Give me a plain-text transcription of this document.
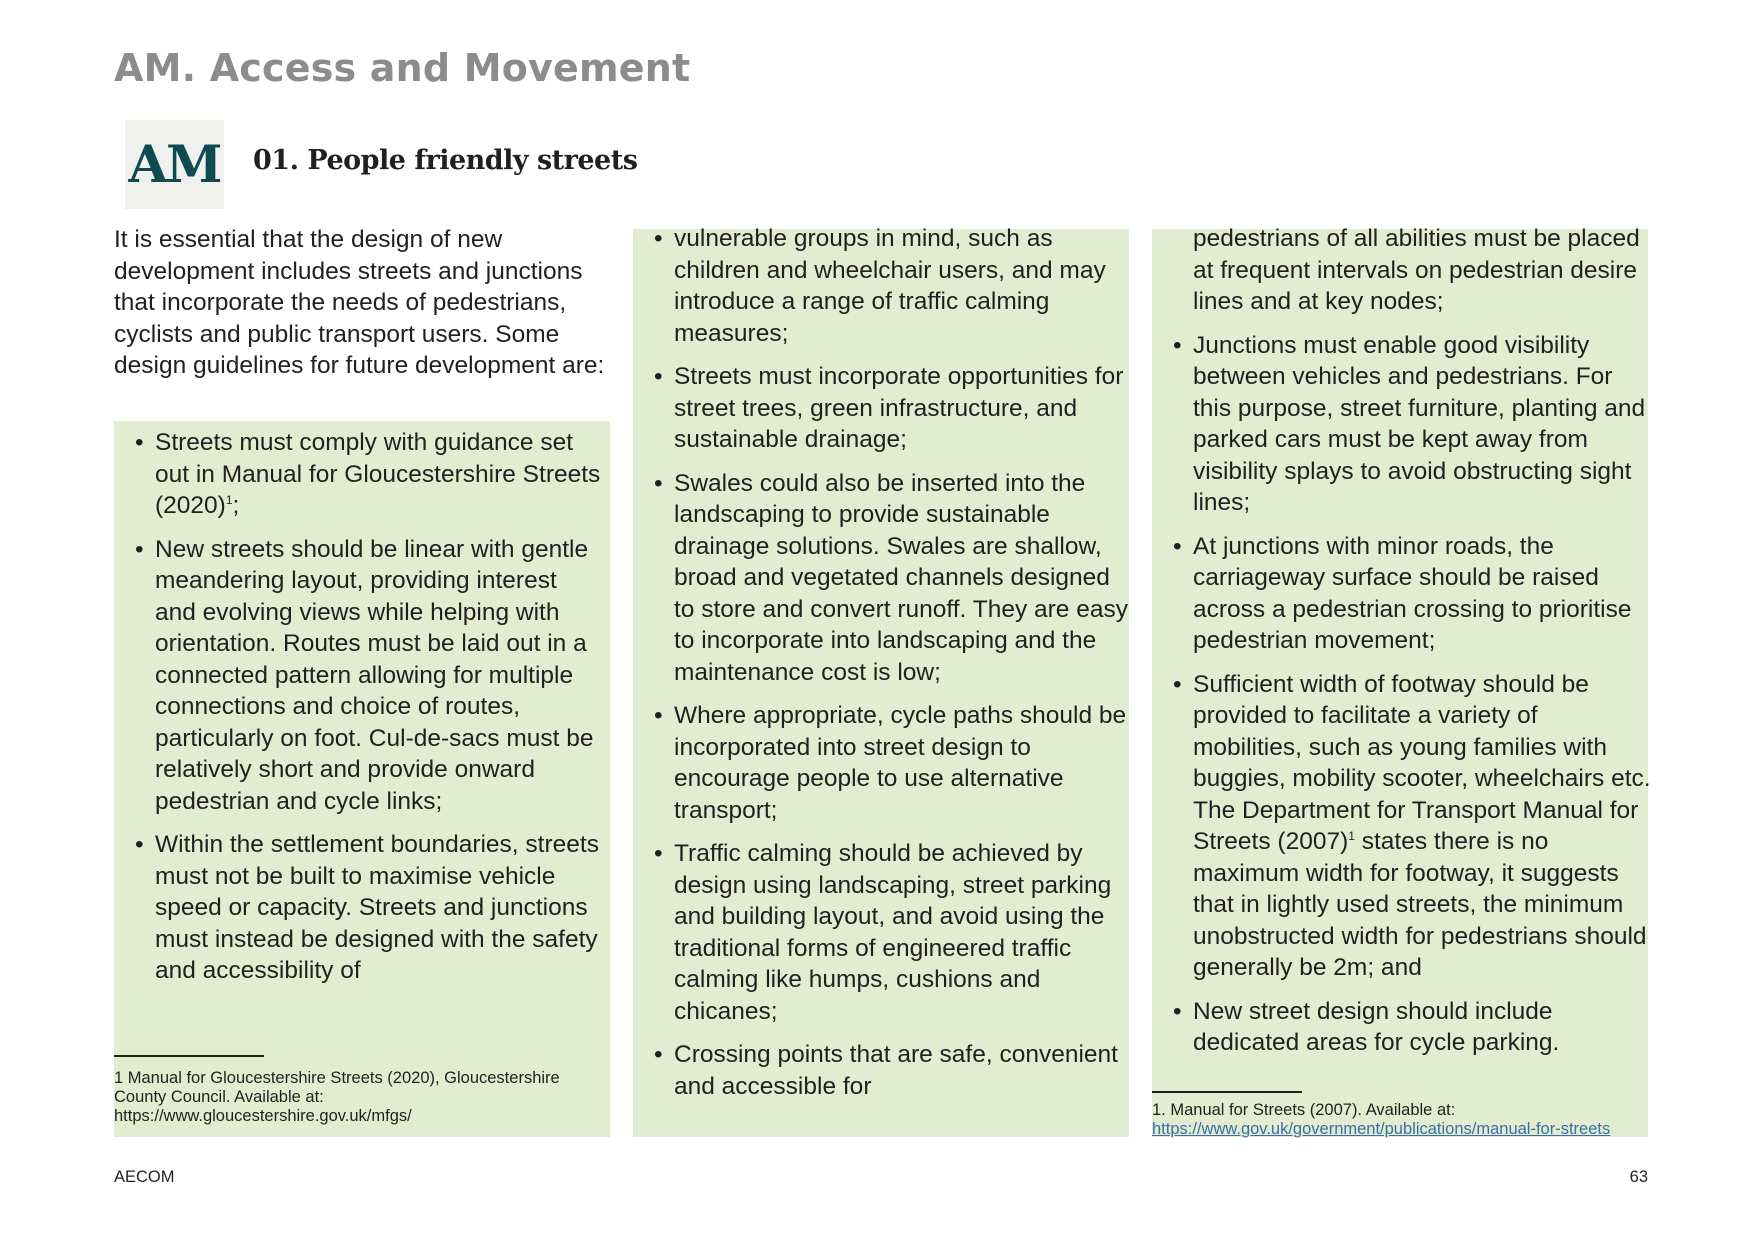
AM. Access and Movement
AM 01. People friendly streets

It is essential that the design of new development includes streets and junctions that incorporate the needs of pedestrians, cyclists and public transport users. Some design guidelines for future development are:

• Streets must comply with guidance set out in Manual for Gloucestershire Streets $(2020)^1$;
• New streets should be linear with gentle meandering layout, providing interest and evolving views while helping with orientation. Routes must be laid out in a connected pattern allowing for multiple connections and choice of routes, particularly on foot. Cul-de-sacs must be relatively short and provide onward pedestrian and cycle links;
• Within the settlement boundaries, streets must not be built to maximise vehicle speed or capacity. Streets and junctions must instead be designed with the safety and accessibility of

1 Manual for Gloucestershire Streets (2020), Gloucestershire County Council. Available at: https://www.gloucestershire.gov.uk/mfgs/

• vulnerable groups in mind, such as children and wheelchair users, and may introduce a range of traffic calming measures;
• Streets must incorporate opportunities for street trees, green infrastructure, and sustainable drainage;
• Swales could also be inserted into the landscaping to provide sustainable drainage solutions. Swales are shallow, broad and vegetated channels designed to store and convert runoff. They are easy to incorporate into landscaping and the maintenance cost is low;
• Where appropriate, cycle paths should be incorporated into street design to encourage people to use alternative transport;
• Traffic calming should be achieved by design using landscaping, street parking and building layout, and avoid using the traditional forms of engineered traffic calming like humps, cushions and chicanes;
• Crossing points that are safe, convenient and accessible for
pedestrians of all abilities must be placed at frequent intervals on pedestrian desire lines and at key nodes;
• Junctions must enable good visibility between vehicles and pedestrians. For this purpose, street furniture, planting and parked cars must be kept away from visibility splays to avoid obstructing sight lines;
• At junctions with minor roads, the carriageway surface should be raised across a pedestrian crossing to prioritise pedestrian movement;
• Sufficient width of footway should be provided to facilitate a variety of mobilities, such as young families with buggies, mobility scooter, wheelchairs etc. The Department for Transport Manual for Streets $(2007)^1$ states there is no maximum width for footway, it suggests that in lightly used streets, the minimum unobstructed width for pedestrians should generally be 2m; and
• New street design should include dedicated areas for cycle parking.

1. Manual for Streets (2007). Available at: https://www.gov.uk/government/publications/manual-for-streets

AECOM	63
